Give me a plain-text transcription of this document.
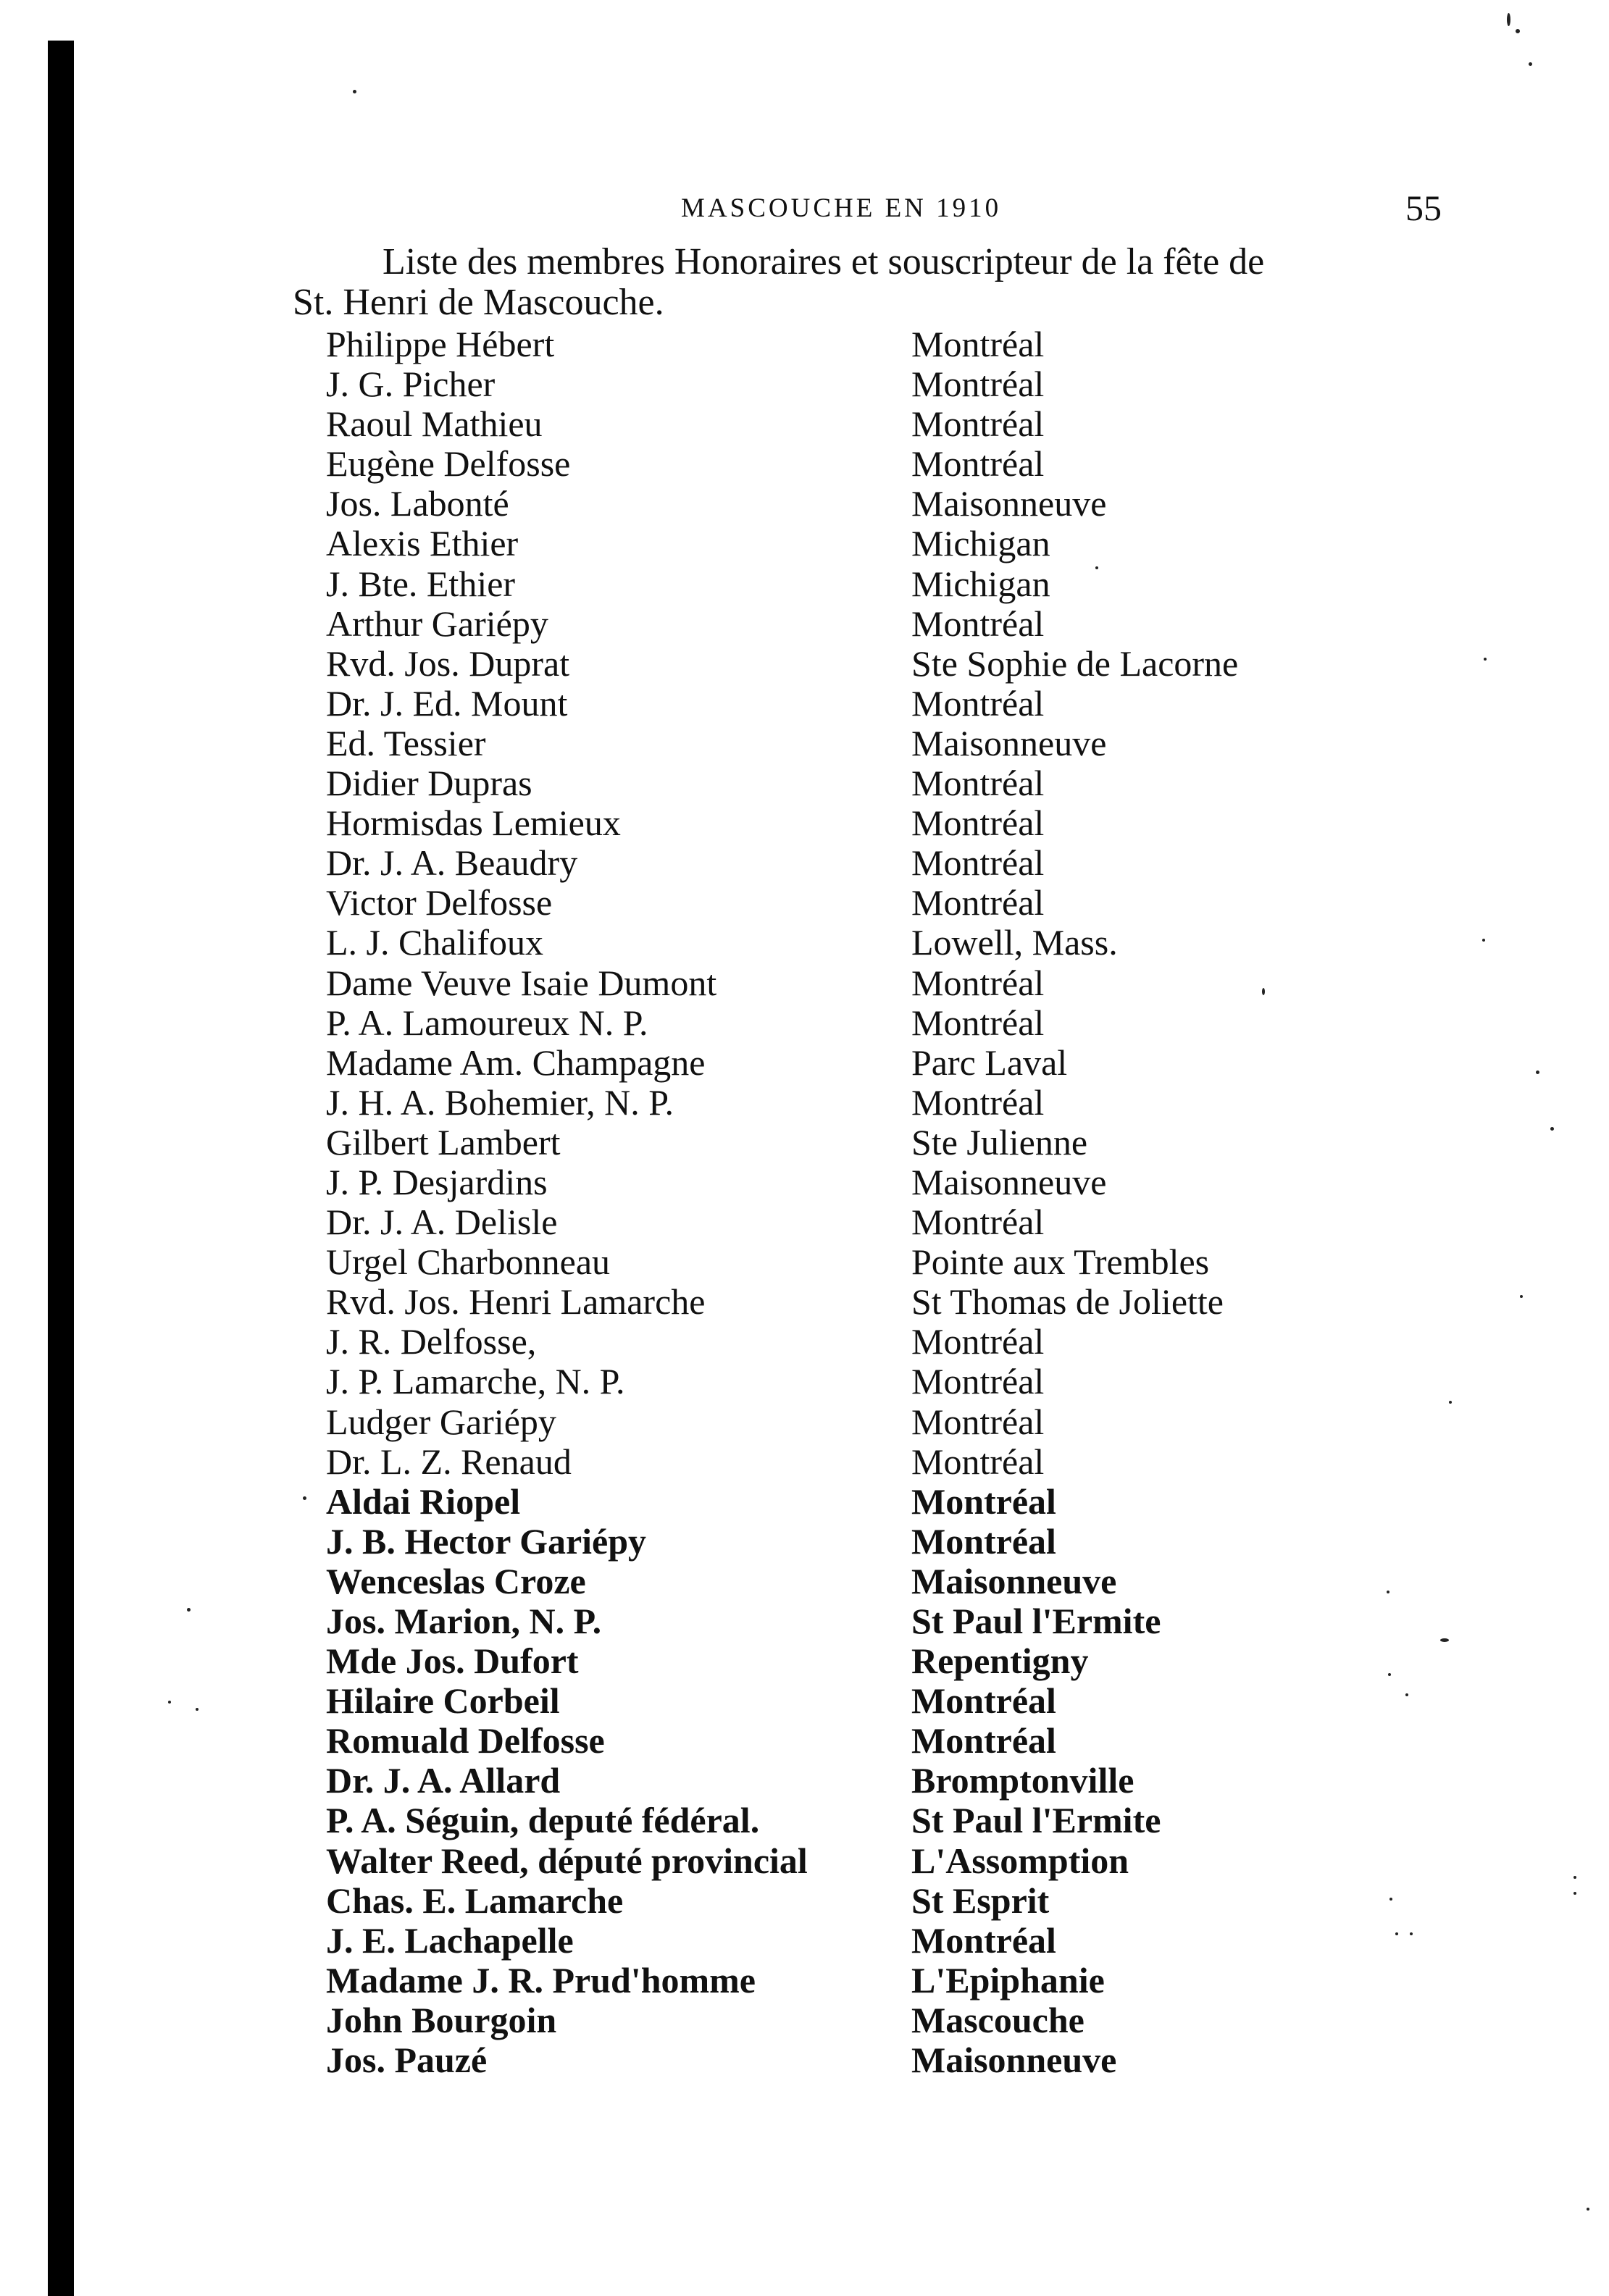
MASCOUCHE EN 1910	55
Liste des membres Honoraires et souscripteur de la fête de
St. Henri de Mascouche.
Philippe Hébert	Montréal
J. G. Picher	Montréal
Raoul Mathieu	Montréal
Eugène Delfosse	Montréal
Jos. Labonté	Maisonneuve
Alexis Ethier	Michigan
J. Bte. Ethier	Michigan
Arthur Gariépy	Montréal
Rvd. Jos. Duprat	Ste Sophie de Lacorne
Dr. J. Ed. Mount	Montréal
Ed. Tessier	Maisonneuve
Didier Dupras	Montréal
Hormisdas Lemieux	Montréal
Dr. J. A. Beaudry	Montréal
Victor Delfosse	Montréal
L. J. Chalifoux	Lowell, Mass.
Dame Veuve Isaie Dumont	Montréal
P. A. Lamoureux N. P.	Montréal
Madame Am. Champagne	Parc Laval
J. H. A. Bohemier, N. P.	Montréal
Gilbert Lambert	Ste Julienne
J. P. Desjardins	Maisonneuve
Dr. J. A. Delisle	Montréal
Urgel Charbonneau	Pointe aux Trembles
Rvd. Jos. Henri Lamarche	St Thomas de Joliette
J. R. Delfosse,	Montréal
J. P. Lamarche, N. P.	Montréal
Ludger Gariépy	Montréal
Dr. L. Z. Renaud	Montréal
Aldai Riopel	Montréal
J. B. Hector Gariépy	Montréal
Wenceslas Croze	Maisonneuve
Jos. Marion, N. P.	St Paul l'Ermite
Mde Jos. Dufort	Repentigny
Hilaire Corbeil	Montréal
Romuald Delfosse	Montréal
Dr. J. A. Allard	Bromptonville
P. A. Séguin, deputé fédéral.	St Paul l'Ermite
Walter Reed, député provincial	L'Assomption
Chas. E. Lamarche	St Esprit
J. E. Lachapelle	Montréal
Madame J. R. Prud'homme	L'Epiphanie
John Bourgoin	Mascouche
Jos. Pauzé	Maisonneuve
